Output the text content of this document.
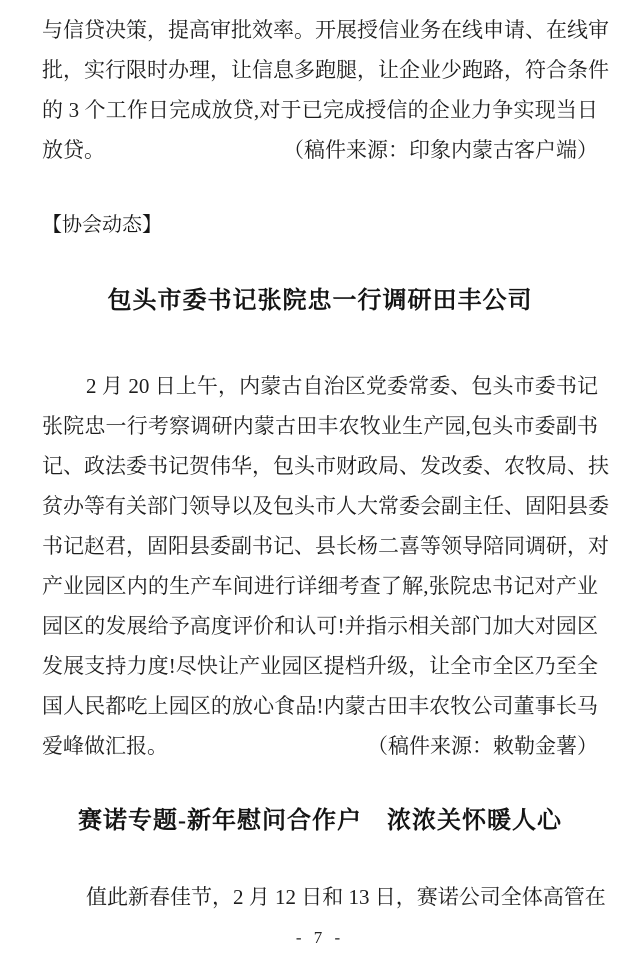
与信贷决策，提高审批效率。开展授信业务在线申请、在线审
批，实行限时办理，让信息多跑腿，让企业少跑路，符合条件
的 3 个工作日完成放贷,对于已完成授信的企业力争实现当日
放贷。	（稿件来源：印象内蒙古客户端）
【协会动态】
包头市委书记张院忠一行调研田丰公司
2 月 20 日上午，内蒙古自治区党委常委、包头市委书记
张院忠一行考察调研内蒙古田丰农牧业生产园,包头市委副书
记、政法委书记贺伟华，包头市财政局、发改委、农牧局、扶
贫办等有关部门领导以及包头市人大常委会副主任、固阳县委
书记赵君，固阳县委副书记、县长杨二喜等领导陪同调研，对
产业园区内的生产车间进行详细考查了解,张院忠书记对产业
园区的发展给予高度评价和认可!并指示相关部门加大对园区
发展支持力度!尽快让产业园区提档升级，让全市全区乃至全
国人民都吃上园区的放心食品!内蒙古田丰农牧公司董事长马
爱峰做汇报。	（稿件来源：敕勒金薯）
赛诺专题-新年慰问合作户　浓浓关怀暖人心
值此新春佳节，2 月 12 日和 13 日，赛诺公司全体高管在
- 7 -
